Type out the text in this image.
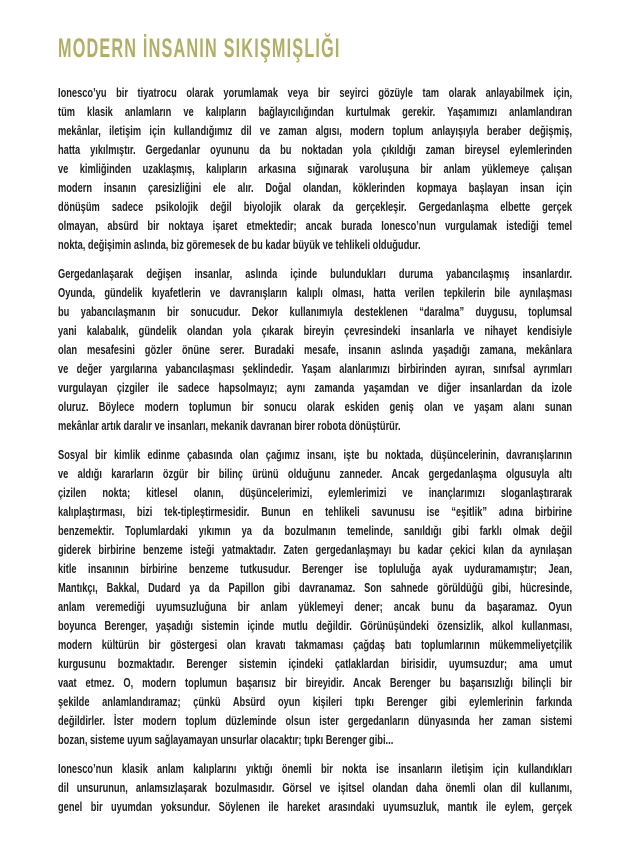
MODERN İNSANIN SIKIŞMIŞLIĞI
Ionesco’yu bir tiyatrocu olarak yorumlamak veya bir seyirci gözüyle tam olarak anlayabilmek için,
tüm klasik anlamların ve kalıpların bağlayıcılığından kurtulmak gerekir. Yaşamımızı anlamlandıran
mekânlar, iletişim için kullandığımız dil ve zaman algısı, modern toplum anlayışıyla beraber değişmiş,
hatta yıkılmıştır. Gergedanlar oyununu da bu noktadan yola çıkıldığı zaman bireysel eylemlerinden
ve kimliğinden uzaklaşmış, kalıpların arkasına sığınarak varoluşuna bir anlam yüklemeye çalışan
modern insanın çaresizliğini ele alır. Doğal olandan, köklerinden kopmaya başlayan insan için
dönüşüm sadece psikolojik değil biyolojik olarak da gerçekleşir. Gergedanlaşma elbette gerçek
olmayan, absürd bir noktaya işaret etmektedir; ancak burada Ionesco’nun vurgulamak istediği temel
nokta, değişimin aslında, biz göremesek de bu kadar büyük ve tehlikeli olduğudur.
Gergedanlaşarak değişen insanlar, aslında içinde bulundukları duruma yabancılaşmış insanlardır.
Oyunda, gündelik kıyafetlerin ve davranışların kalıplı olması, hatta verilen tepkilerin bile aynılaşması
bu yabancılaşmanın bir sonucudur. Dekor kullanımıyla desteklenen “daralma” duygusu, toplumsal
yani kalabalık, gündelik olandan yola çıkarak bireyin çevresindeki insanlarla ve nihayet kendisiyle
olan mesafesini gözler önüne serer. Buradaki mesafe, insanın aslında yaşadığı zamana, mekânlara
ve değer yargılarına yabancılaşması şeklindedir. Yaşam alanlarımızı birbirinden ayıran, sınıfsal ayrımları
vurgulayan çizgiler ile sadece hapsolmayız; aynı zamanda yaşamdan ve diğer insanlardan da izole
oluruz. Böylece modern toplumun bir sonucu olarak eskiden geniş olan ve yaşam alanı sunan
mekânlar artık daralır ve insanları, mekanik davranan birer robota dönüştürür.
Sosyal bir kimlik edinme çabasında olan çağımız insanı, işte bu noktada, düşüncelerinin, davranışlarının
ve aldığı kararların özgür bir bilinç ürünü olduğunu zanneder. Ancak gergedanlaşma olgusuyla altı
çizilen nokta; kitlesel olanın, düşüncelerimizi, eylemlerimizi ve inançlarımızı sloganlaştırarak
kalıplaştırması, bizi tek-tipleştirmesidir. Bunun en tehlikeli savunusu ise “eşitlik” adına birbirine
benzemektir. Toplumlardaki yıkımın ya da bozulmanın temelinde, sanıldığı gibi farklı olmak değil
giderek birbirine benzeme isteği yatmaktadır. Zaten gergedanlaşmayı bu kadar çekici kılan da aynılaşan
kitle insanının birbirine benzeme tutkusudur. Berenger ise topluluğa ayak uyduramamıştır; Jean,
Mantıkçı, Bakkal, Dudard ya da Papillon gibi davranamaz. Son sahnede görüldüğü gibi, hücresinde,
anlam veremediği uyumsuzluğuna bir anlam yüklemeyi dener; ancak bunu da başaramaz. Oyun
boyunca Berenger, yaşadığı sistemin içinde mutlu değildir. Görünüşündeki özensizlik, alkol kullanması,
modern kültürün bir göstergesi olan kravatı takmaması çağdaş batı toplumlarının mükemmeliyetçilik
kurgusunu bozmaktadır. Berenger sistemin içindeki çatlaklardan birisidir, uyumsuzdur; ama umut
vaat etmez. O, modern toplumun başarısız bir bireyidir. Ancak Berenger bu başarısızlığı bilinçli bir
şekilde anlamlandıramaz; çünkü Absürd oyun kişileri tıpkı Berenger gibi eylemlerinin farkında
değildirler. İster modern toplum düzleminde olsun ister gergedanların dünyasında her zaman sistemi
bozan, sisteme uyum sağlayamayan unsurlar olacaktır; tıpkı Berenger gibi...
Ionesco’nun klasik anlam kalıplarını yıktığı önemli bir nokta ise insanların iletişim için kullandıkları
dil unsurunun, anlamsızlaşarak bozulmasıdır. Görsel ve işitsel olandan daha önemli olan dil kullanımı,
genel bir uyumdan yoksundur. Söylenen ile hareket arasındaki uyumsuzluk, mantık ile eylem, gerçek
